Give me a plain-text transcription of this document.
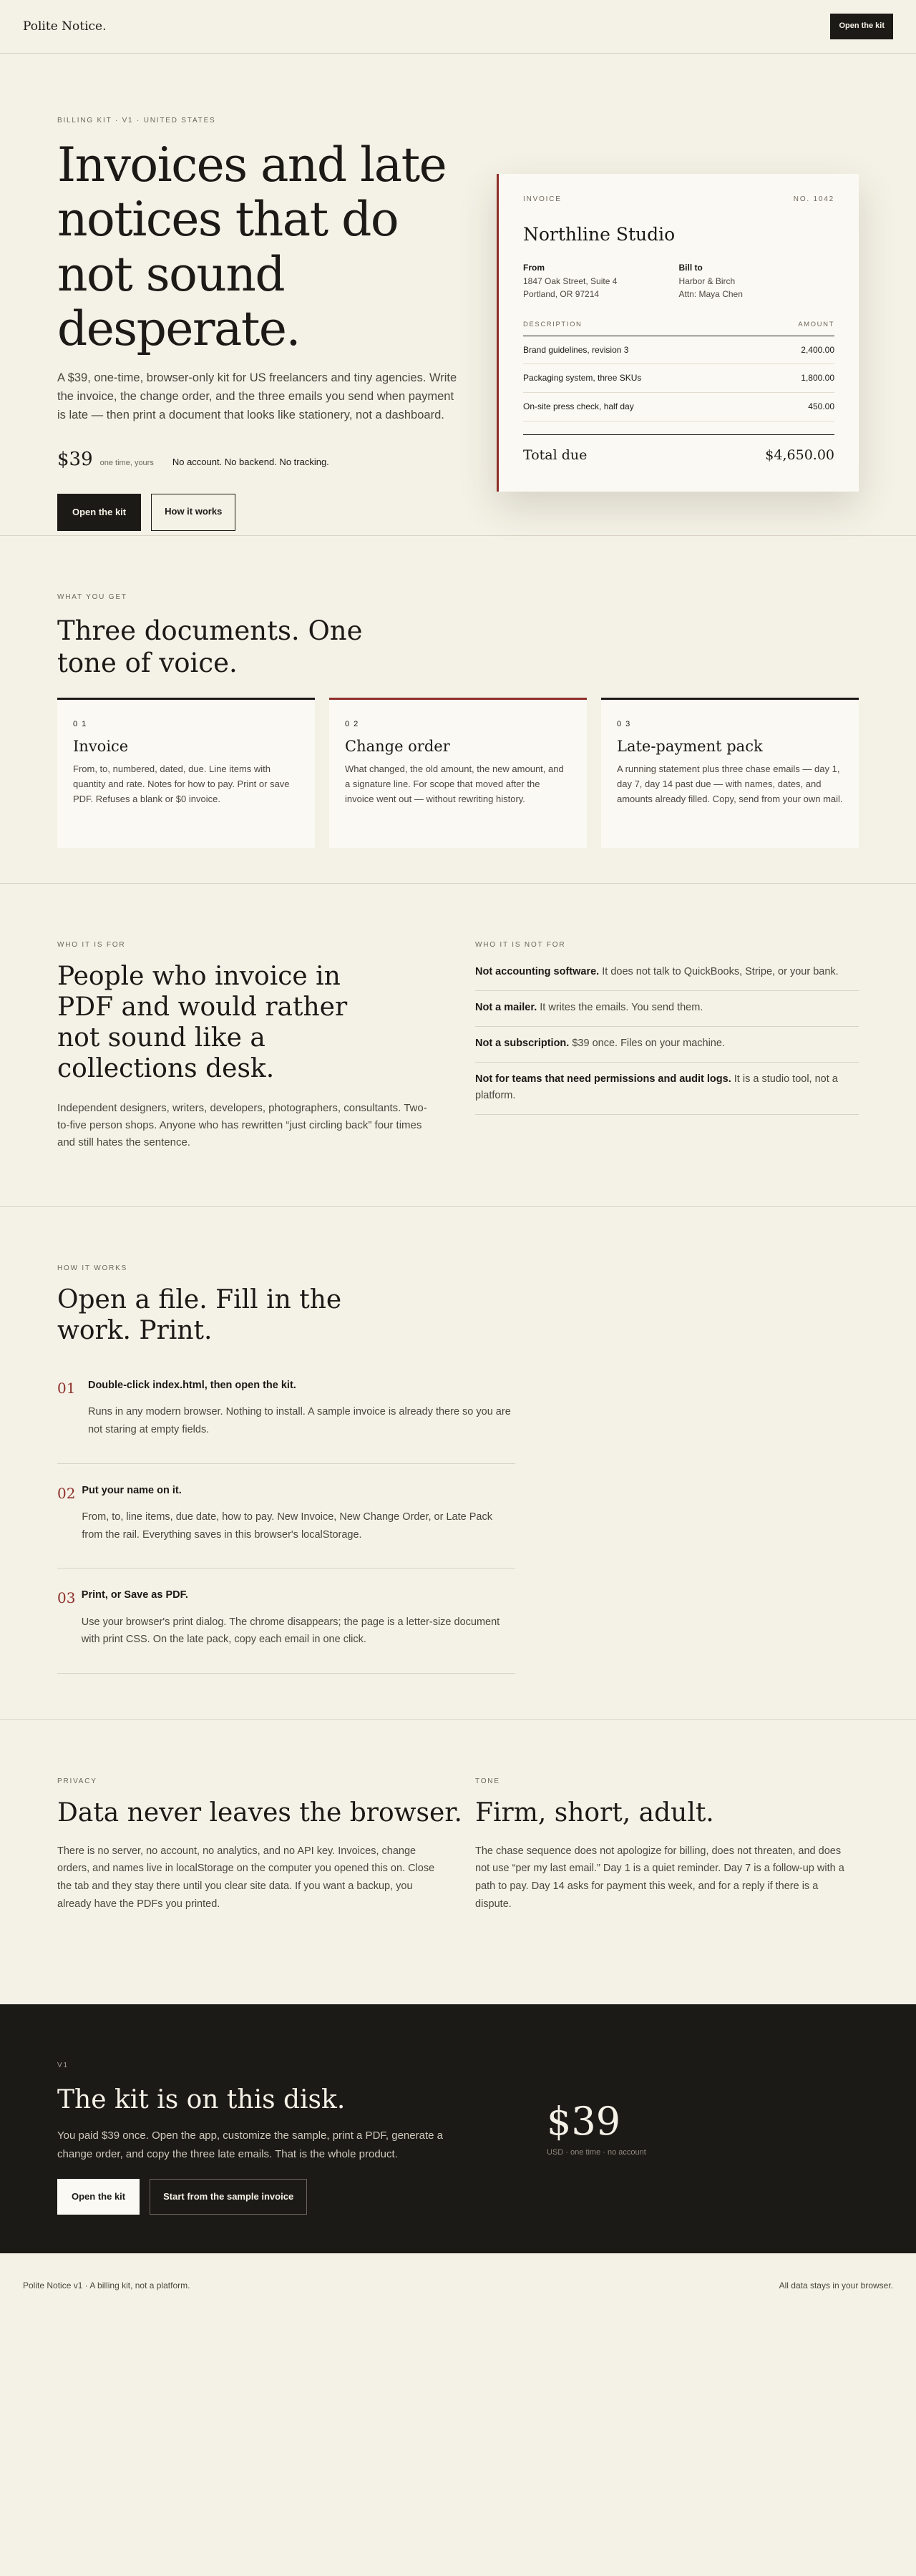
Polite Notice.	Open the kit
BILLING KIT · V1 · UNITED STATES
Invoices and late notices that do not sound desperate.

A $39, one-time, browser-only kit for US freelancers and tiny agencies. Write the invoice, the change order, and the three emails you send when payment is late — then print a document that looks like stationery, not a dashboard.

$39 one time, yours No account. No backend. No tracking.
Open the kit	How it works
INVOICE	NO. 1042
Northline Studio
From
1847 Oak Street, Suite 4
Portland, OR 97214
Bill to
Harbor & Birch
Attn: Maya Chen
DESCRIPTION	AMOUNT
Brand guidelines, revision 3	2,400.00
Packaging system, three SKUs	1,800.00
On-site press check, half day	450.00
Total due	$4,650.00
WHAT YOU GET
Three documents. One tone of voice.
0 1
Invoice

From, to, numbered, dated, due. Line items with quantity and rate. Notes for how to pay. Print or save PDF. Refuses a blank or $0 invoice.

0 2
Change order

What changed, the old amount, the new amount, and a signature line. For scope that moved after the invoice went out — without rewriting history.

0 3
Late-payment pack

A running statement plus three chase emails — day 1, day 7, day 14 past due — with names, dates, and amounts already filled. Copy, send from your own mail.

WHO IT IS FOR
People who invoice in PDF and would rather not sound like a collections desk.

Independent designers, writers, developers, photographers, consultants. Two-to-five person shops. Anyone who has rewritten “just circling back” four times and still hates the sentence.

WHO IT IS NOT FOR
Not accounting software. It does not talk to QuickBooks, Stripe, or your bank.
Not a mailer. It writes the emails. You send them.
Not a subscription. $39 once. Files on your machine.
Not for teams that need permissions and audit logs. It is a studio tool, not a platform.
HOW IT WORKS
Open a file. Fill in the work. Print.
01	Double-click index.html, then open the kit.

Runs in any modern browser. Nothing to install. A sample invoice is already there so you are not staring at empty fields.

02 Put your name on it.

From, to, line items, due date, how to pay. New Invoice, New Change Order, or Late Pack from the rail. Everything saves in this browser's localStorage.

03 Print, or Save as PDF.

Use your browser's print dialog. The chrome disappears; the page is a letter-size document with print CSS. On the late pack, copy each email in one click.

PRIVACY
Data never leaves the browser.

There is no server, no account, no analytics, and no API key. Invoices, change orders, and names live in localStorage on the computer you opened this on. Close the tab and they stay there until you clear site data. If you want a backup, you already have the PDFs you printed.

TONE
Firm, short, adult.

The chase sequence does not apologize for billing, does not threaten, and does not use “per my last email.” Day 1 is a quiet reminder. Day 7 is a follow-up with a path to pay. Day 14 asks for payment this week, and for a reply if there is a dispute.

V1
The kit is on this disk.

You paid $39 once. Open the app, customize the sample, print a PDF, generate a change order, and copy the three late emails. That is the whole product.

Open the kit	Start from the sample invoice
$39
USD · one time · no account
Polite Notice v1 · A billing kit, not a platform.	All data stays in your browser.
